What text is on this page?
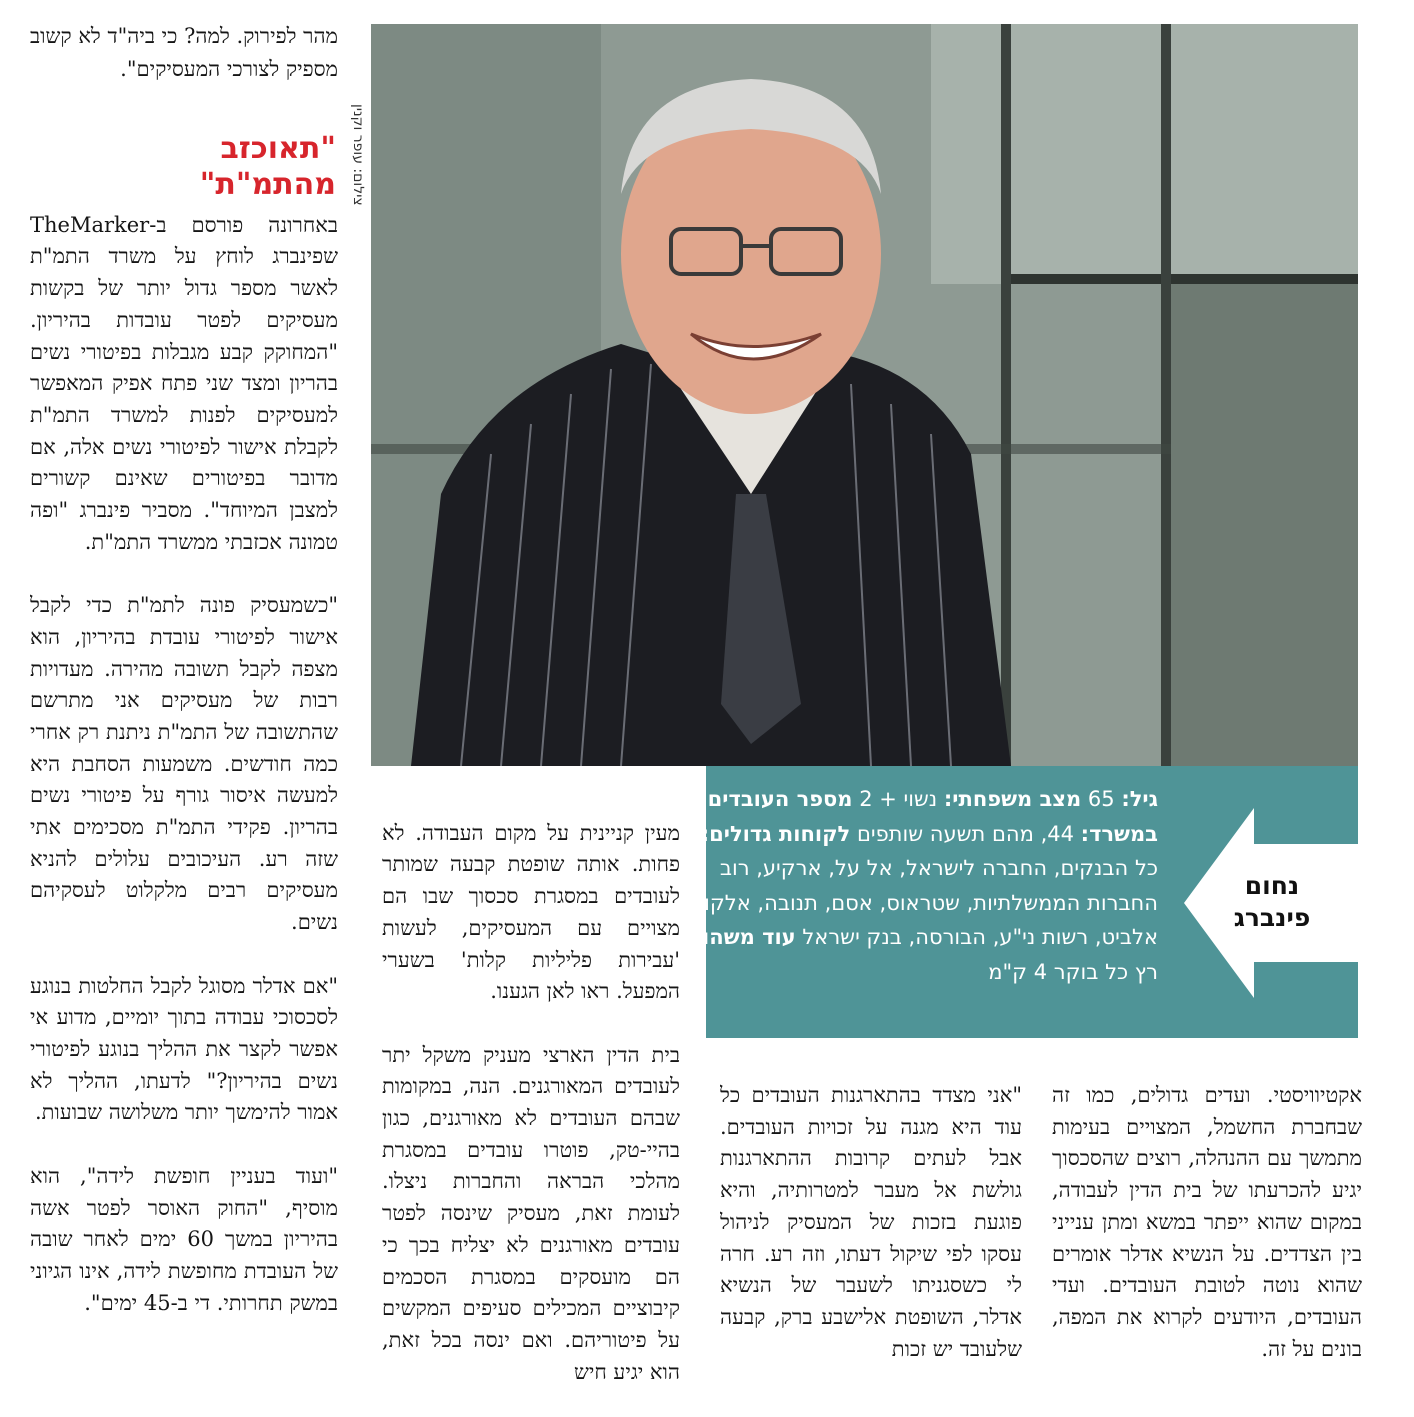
מהר לפירוק. למה? כי ביה"ד לא קשוב מספיק לצורכי המעסיקים".
"תאוכזב מהתמ"ת"

באחרונה פורסם ב-TheMarker שפינברג לוחץ על משרד התמ"ת לאשר מספר גדול יותר של בקשות מעסיקים לפטר עובדות בהיריון. "המחוקק קבע מגבלות בפיטורי נשים בהריון ומצד שני פתח אפיק המאפשר למעסיקים לפנות למשרד התמ"ת לקבלת אישור לפיטורי נשים אלה, אם מדובר בפיטורים שאינם קשורים למצבן המיוחד". מסביר פינברג "ופה טמונה אכזבתי ממשרד התמ"ת.

"כשמעסיק פונה לתמ"ת כדי לקבל אישור לפיטורי עובדת בהיריון, הוא מצפה לקבל תשובה מהירה. מעדויות רבות של מעסיקים אני מתרשם שהתשובה של התמ"ת ניתנת רק אחרי כמה חודשים. משמעות הסחבת היא למעשה איסור גורף על פיטורי נשים בהריון. פקידי התמ"ת מסכימים אתי שזה רע. העיכובים עלולים להניא מעסיקים רבים מלקלוט לעסקיהם נשים.

"אם אדלר מסוגל לקבל החלטות בנוגע לסכסוכי עבודה בתוך יומיים, מדוע אי אפשר לקצר את ההליך בנוגע לפיטורי נשים בהיריון?" לדעתו, ההליך לא אמור להימשך יותר משלושה שבועות.

"ועוד בעניין חופשת לידה", הוא מוסיף, "החוק האוסר לפטר אשה בהיריון במשך 60 ימים לאחר שובה של העובדת מחופשת לידה, אינו הגיוני במשק תחרותי. די ב-45 ימים".

צילום: עופר וקנין

מעין קניינית על מקום העבודה. לא פחות. אותה שופטת קבעה שמותר לעובדים במסגרת סכסוך שבו הם מצויים עם המעסיקים, לעשות 'עבירות פליליות קלות' בשערי המפעל. ראו לאן הגענו.

בית הדין הארצי מעניק משקל יתר לעובדים המאורגנים. הנה, במקומות שבהם העובדים לא מאורגנים, כגון בהיי-טק, פוטרו עובדים במסגרת מהלכי הבראה והחברות ניצלו. לעומת זאת, מעסיק שינסה לפטר עובדים מאורגנים לא יצליח בכך כי הם מועסקים במסגרת הסכמים קיבוציים המכילים סעיפים המקשים על פיטוריהם. ואם ינסה בכל זאת, הוא יגיע חיש

גיל: 65 מצב משפחתי: נשוי + 2 מספר העובדים במשרד: 44, מהם תשעה שותפים לקוחות גדולים: כל הבנקים, החברה לישראל, אל על, ארקיע, רוב החברות הממשלתיות, שטראוס, אסם, תנובה, אלקו, אלביט, רשות ני"ע, הבורסה, בנק ישראל עוד משהו: רץ כל בוקר 4 ק"מ
נחום
פינברג
"אני מצדד בהתארגנות העובדים כל עוד היא מגנה על זכויות העובדים. אבל לעתים קרובות ההתארגנות גולשת אל מעבר למטרותיה, והיא פוגעת בזכות של המעסיק לניהול עסקו לפי שיקול דעתו, וזה רע. חרה לי כשסגניתו לשעבר של הנשיא אדלר, השופטת אלישבע ברק, קבעה שלעובד יש זכות
אקטיוויסטי. ועדים גדולים, כמו זה שבחברת החשמל, המצויים בעימות מתמשך עם ההנהלה, רוצים שהסכסוך יגיע להכרעתו של בית הדין לעבודה, במקום שהוא ייפתר במשא ומתן ענייני בין הצדדים. על הנשיא אדלר אומרים שהוא נוטה לטובת העובדים. ועדי העובדים, היודעים לקרוא את המפה, בונים על זה.
